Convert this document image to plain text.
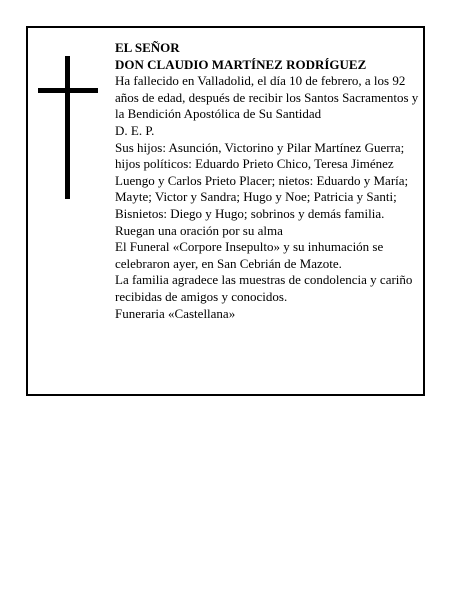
EL SEÑOR

DON CLAUDIO MARTÍNEZ RODRÍGUEZ

Ha fallecido en Valladolid, el día 10 de febrero, a los 92 años de edad, después de recibir los Santos Sacramentos y la Bendición Apostólica de Su Santidad

D. E. P.

Sus hijos: Asunción, Victorino y Pilar Martínez Guerra; hijos políticos: Eduardo Prieto Chico, Teresa Jiménez Luengo y Carlos Prieto Placer; nietos: Eduardo y María; Mayte; Victor y Sandra; Hugo y Noe; Patricia y Santi; Bisnietos: Diego y Hugo; sobrinos y demás familia.

Ruegan una oración por su alma

El Funeral «Corpore Insepulto» y su inhumación se celebraron ayer, en San Cebrián de Mazote.

La familia agradece las muestras de condolencia y cariño recibidas de amigos y conocidos.

Funeraria «Castellana»
